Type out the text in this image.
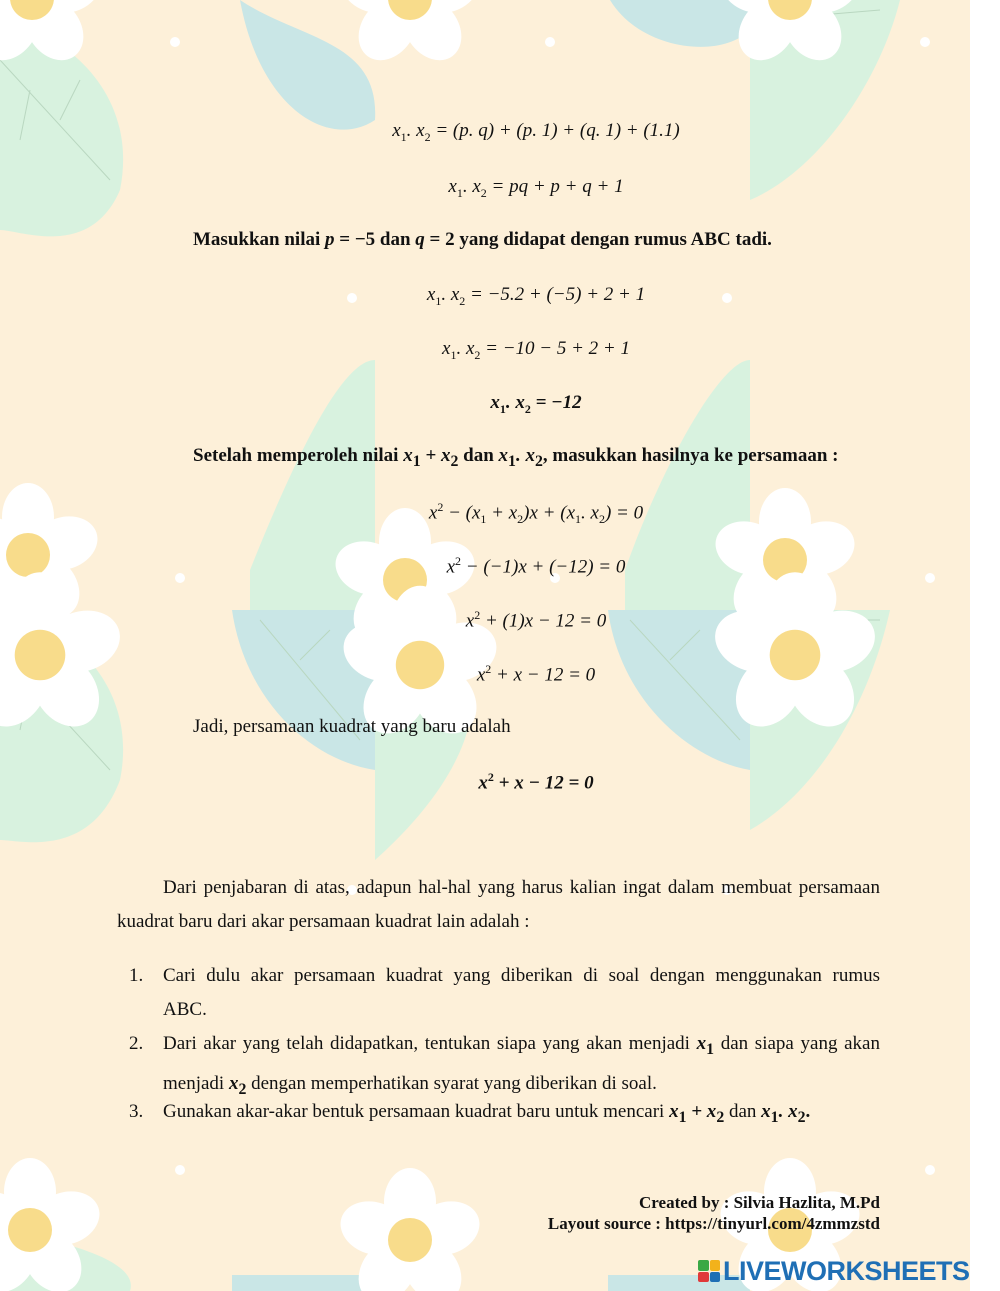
$x_1$. $x_2 = (p$. q) + (p. 1) + (q. 1) + (1.1)
$x_1$. $x_2$ = pq + p + q + 1
Masukkan nilai p = −5 dan q = 2 yang didapat dengan rumus ABC tadi.
$x_1$. $x_2 = -5.2 + (-5) + 2 + 1$
$x_1$. $x_2 = -10 - 5 + 2 + 1$
$x_1$. $x_2 = -12$
Setelah memperoleh nilai $x_1 + x_2$ dan $x_1$. $x_2$, masukkan hasilnya ke persamaan :
$x^2 - (x_1 + x_2)x + (x_1$. $x_2) = 0$
$x^2 - (-1)x + (-12) = 0$
$x^2 + (1)x - 12 = 0$
$x^2 + x - 12 = 0$
Jadi, persamaan kuadrat yang baru adalah
$x^2 + x - 12 = 0$
Dari penjabaran di atas, adapun hal-hal yang harus kalian ingat dalam membuat persamaan
kuadrat baru dari akar persamaan kuadrat lain adalah :
1. Cari dulu akar persamaan kuadrat yang diberikan di soal dengan menggunakan rumus
ABC.
2. Dari akar yang telah didapatkan, tentukan siapa yang akan menjadi $x_1$ dan siapa yang akan
menjadi $x_2$ dengan memperhatikan syarat yang diberikan di soal.
3. Gunakan akar-akar bentuk persamaan kuadrat baru untuk mencari $x_1 + x_2$ dan $x_1$. $x_2$.
Created by : Silvia Hazlita, M.Pd
Layout source : https://tinyurl.com/4zmmzstd
LIVEWORKSHEETS
